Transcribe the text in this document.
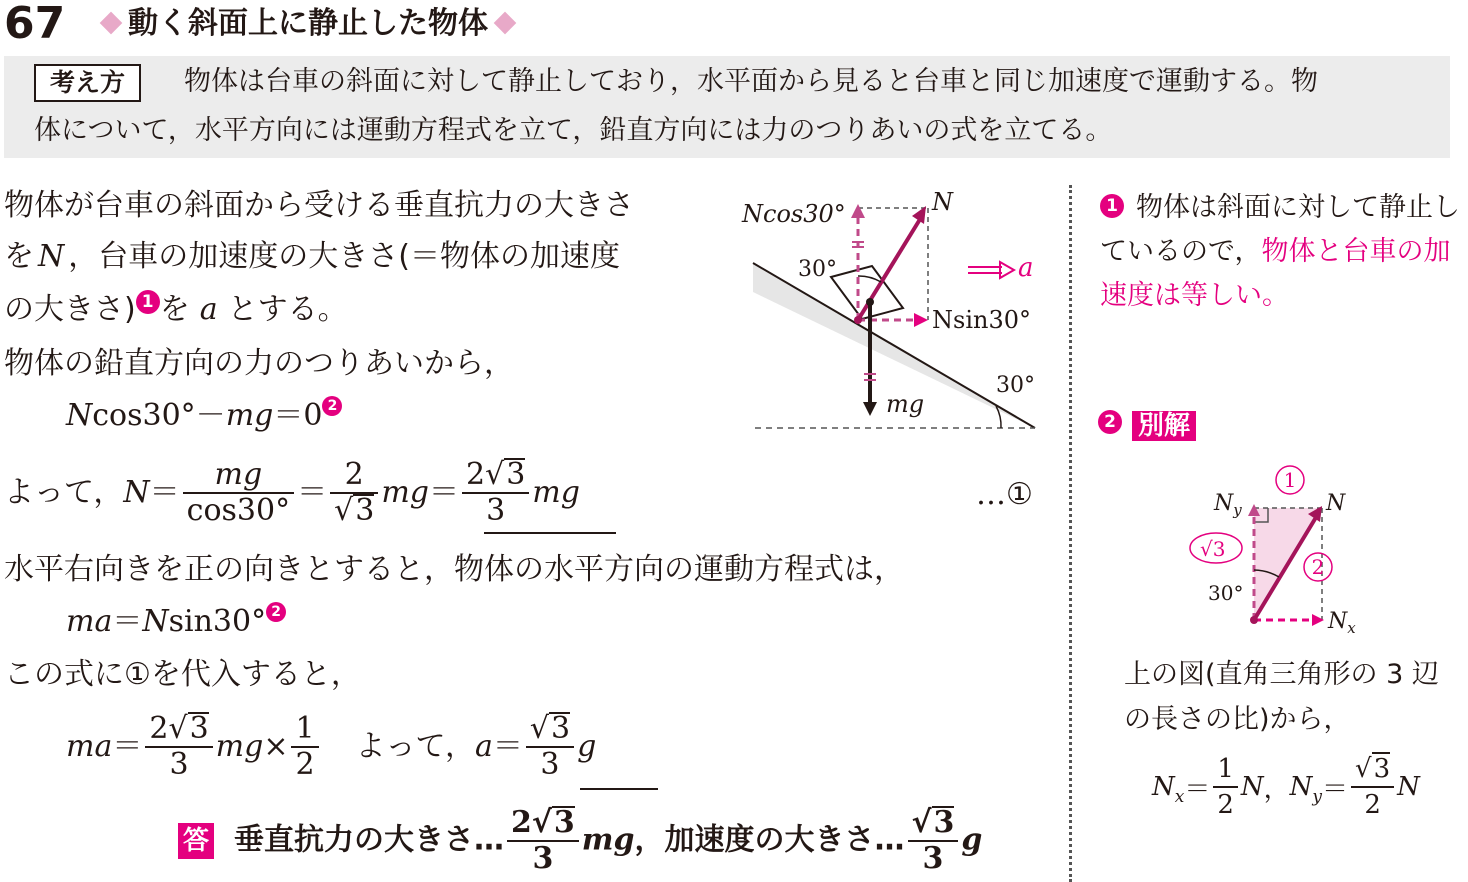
67	動く斜面上に静止した物体
考え方	物体は台車の斜面に対して静止しており，水平面から見ると台車と同じ加速度で運動する。物
体について，水平方向には運動方程式を立て，鉛直方向には力のつりあいの式を立てる。
物体が台車の斜面から受ける垂直抗力の大きさ
を N ，台車の加速度の大きさ(＝物体の加速度
の大きさ) 1 を a とする。
物体の鉛直方向の力のつりあいから，
Ncos30°－mg＝0 2
よって，$N= \frac{mg}{\cos 30^\circ} = \frac{2}{√3} mg= \frac{2√3}{3}$ mg	…①
水平右向きを正の向きとすると，物体の水平方向の運動方程式は，
ma＝Nsin30° 2
この式に①を代入すると，
$ma= \frac{2√3}{3} mg\times \frac{1}{2}$ よって，$a= \frac{√3}{3}$ g
答 垂直抗力の大きさ… $\frac{2√3}{3}$ mg，加速度の大きさ… $\frac{√3}{3}$ g
Ncos30°	N
30°	a
Nsin30°
30°
mg
1 物体は斜面に対して静止しているので，物体と台車の加速度は等しい。
2 別解
1
2
√3
$N_y$	N
30°
$N_x$
上の図(直角三角形の 3 辺の長さの比)から，
$N_x= \frac{1}{2}$ N，$N_y= \frac{√3}{2}$ N
